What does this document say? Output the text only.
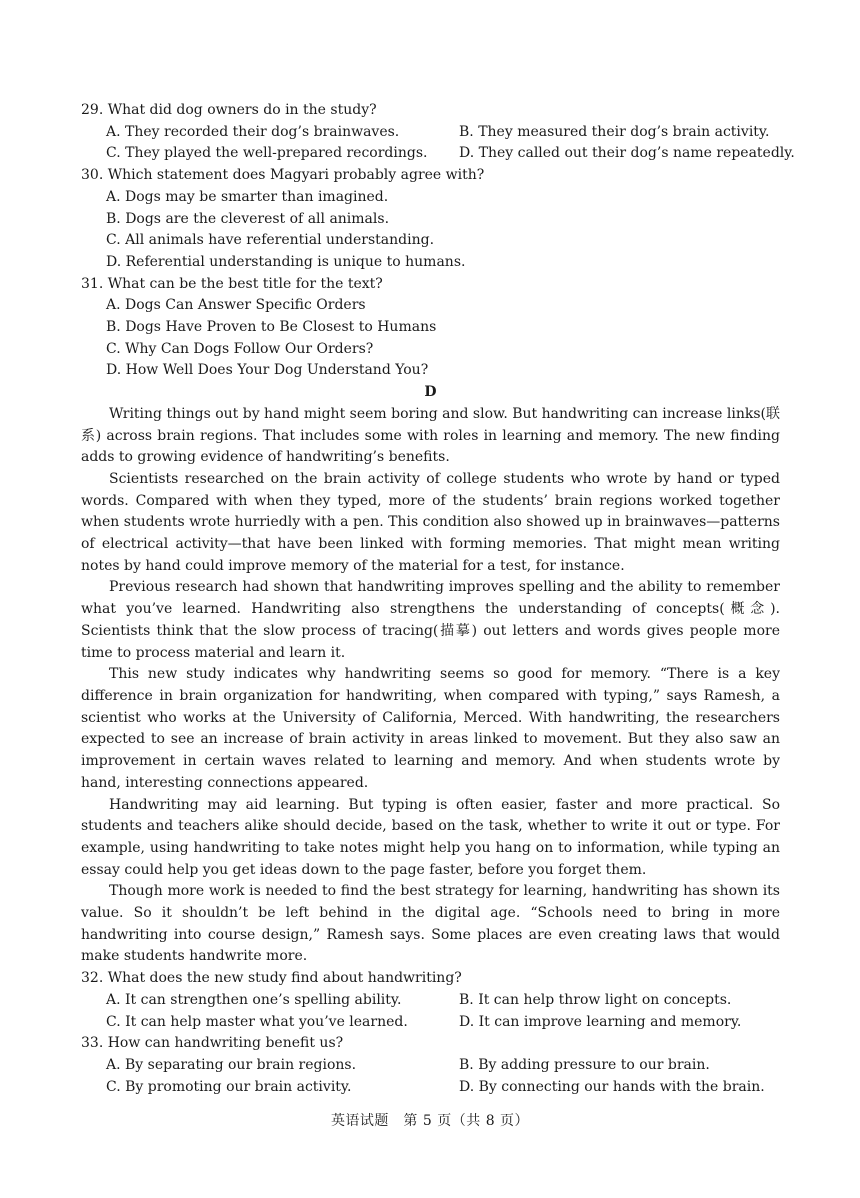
29. What did dog owners do in the study?

A. They recorded their dog’s brainwaves.	B. They measured their dog’s brain activity.
C. They played the well-prepared recordings.	D. They called out their dog’s name repeatedly.

30. Which statement does Magyari probably agree with?

A. Dogs may be smarter than imagined.
B. Dogs are the cleverest of all animals.
C. All animals have referential understanding.
D. Referential understanding is unique to humans.

31. What can be the best title for the text?

A. Dogs Can Answer Specific Orders
B. Dogs Have Proven to Be Closest to Humans
C. Why Can Dogs Follow Our Orders?
D. How Well Does Your Dog Understand You?

D

Writing things out by hand might seem boring and slow. But handwriting can increase links(联系) across brain regions. That includes some with roles in learning and memory. The new finding adds to growing evidence of handwriting’s benefits.

Scientists researched on the brain activity of college students who wrote by hand or typed words. Compared with when they typed, more of the students’ brain regions worked together when students wrote hurriedly with a pen. This condition also showed up in brainwaves—patterns of electrical activity—that have been linked with forming memories. That might mean writing notes by hand could improve memory of the material for a test, for instance.

Previous research had shown that handwriting improves spelling and the ability to remember what you’ve learned. Handwriting also strengthens the understanding of concepts(概念). Scientists think that the slow process of tracing(描摹) out letters and words gives people more time to process material and learn it.

This new study indicates why handwriting seems so good for memory. “There is a key difference in brain organization for handwriting, when compared with typing,” says Ramesh, a scientist who works at the University of California, Merced. With handwriting, the researchers expected to see an increase of brain activity in areas linked to movement. But they also saw an improvement in certain waves related to learning and memory. And when students wrote by hand, interesting connections appeared.

Handwriting may aid learning. But typing is often easier, faster and more practical. So students and teachers alike should decide, based on the task, whether to write it out or type. For example, using handwriting to take notes might help you hang on to information, while typing an essay could help you get ideas down to the page faster, before you forget them.

Though more work is needed to find the best strategy for learning, handwriting has shown its value. So it shouldn’t be left behind in the digital age. “Schools need to bring in more handwriting into course design,” Ramesh says. Some places are even creating laws that would make students handwrite more.

32. What does the new study find about handwriting?

A. It can strengthen one’s spelling ability.	B. It can help throw light on concepts.
C. It can help master what you’ve learned.	D. It can improve learning and memory.

33. How can handwriting benefit us?

A. By separating our brain regions.	B. By adding pressure to our brain.
C. By promoting our brain activity.	D. By connecting our hands with the brain.
英语试题　第 5 页（共 8 页）
